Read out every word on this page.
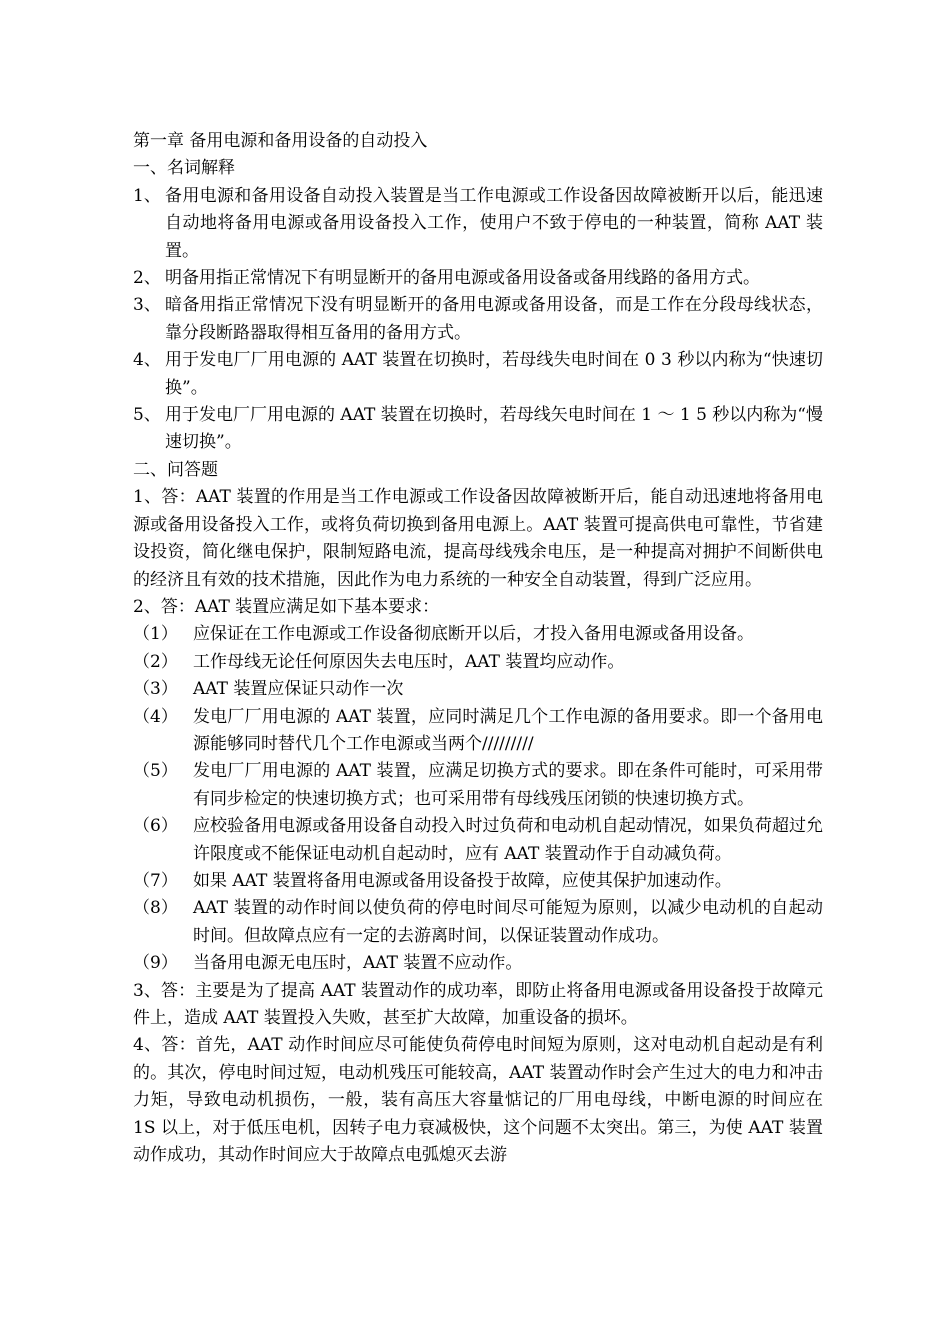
第一章 备用电源和备用设备的自动投入

一、名词解释

1、 备用电源和备用设备自动投入装置是当工作电源或工作设备因故障被断开以后，能迅速自动地将备用电源或备用设备投入工作，使用户不致于停电的一种装置，简称 AAT 装置。
2、 明备用指正常情况下有明显断开的备用电源或备用设备或备用线路的备用方式。
3、 暗备用指正常情况下没有明显断开的备用电源或备用设备，而是工作在分段母线状态，靠分段断路器取得相互备用的备用方式。
4、 用于发电厂厂用电源的 AAT 装置在切换时，若母线失电时间在 0 3 秒以内称为“快速切换”。
5、 用于发电厂厂用电源的 AAT 装置在切换时，若母线矢电时间在 1 ～ 1 5 秒以内称为“慢速切换”。

二、问答题

1、答：AAT 装置的作用是当工作电源或工作设备因故障被断开后，能自动迅速地将备用电源或备用设备投入工作，或将负荷切换到备用电源上。AAT 装置可提高供电可靠性，节省建设投资，简化继电保护，限制短路电流，提高母线残余电压，是一种提高对拥护不间断供电的经济且有效的技术措施，因此作为电力系统的一种安全自动装置，得到广泛应用。

2、答：AAT 装置应满足如下基本要求：

（1） 应保证在工作电源或工作设备彻底断开以后，才投入备用电源或备用设备。
（2） 工作母线无论任何原因失去电压时，AAT 装置均应动作。
（3） AAT 装置应保证只动作一次
（4） 发电厂厂用电源的 AAT 装置，应同时满足几个工作电源的备用要求。即一个备用电源能够同时替代几个工作电源或当两个/////////
（5） 发电厂厂用电源的 AAT 装置，应满足切换方式的要求。即在条件可能时，可采用带有同步检定的快速切换方式；也可采用带有母线残压闭锁的快速切换方式。
（6） 应校验备用电源或备用设备自动投入时过负荷和电动机自起动情况，如果负荷超过允许限度或不能保证电动机自起动时，应有 AAT 装置动作于自动减负荷。
（7） 如果 AAT 装置将备用电源或备用设备投于故障，应使其保护加速动作。
（8） AAT 装置的动作时间以使负荷的停电时间尽可能短为原则，以减少电动机的自起动时间。但故障点应有一定的去游离时间，以保证装置动作成功。
（9） 当备用电源无电压时，AAT 装置不应动作。

3、答：主要是为了提高 AAT 装置动作的成功率，即防止将备用电源或备用设备投于故障元件上，造成 AAT 装置投入失败，甚至扩大故障，加重设备的损坏。

4、答：首先，AAT 动作时间应尽可能使负荷停电时间短为原则，这对电动机自起动是有利的。其次，停电时间过短，电动机残压可能较高，AAT 装置动作时会产生过大的电力和冲击力矩，导致电动机损伤，一般，装有高压大容量惦记的厂用电母线，中断电源的时间应在 1S 以上，对于低压电机，因转子电力衰减极快，这个问题不太突出。第三，为使 AAT 装置动作成功，其动作时间应大于故障点电弧熄灭去游
